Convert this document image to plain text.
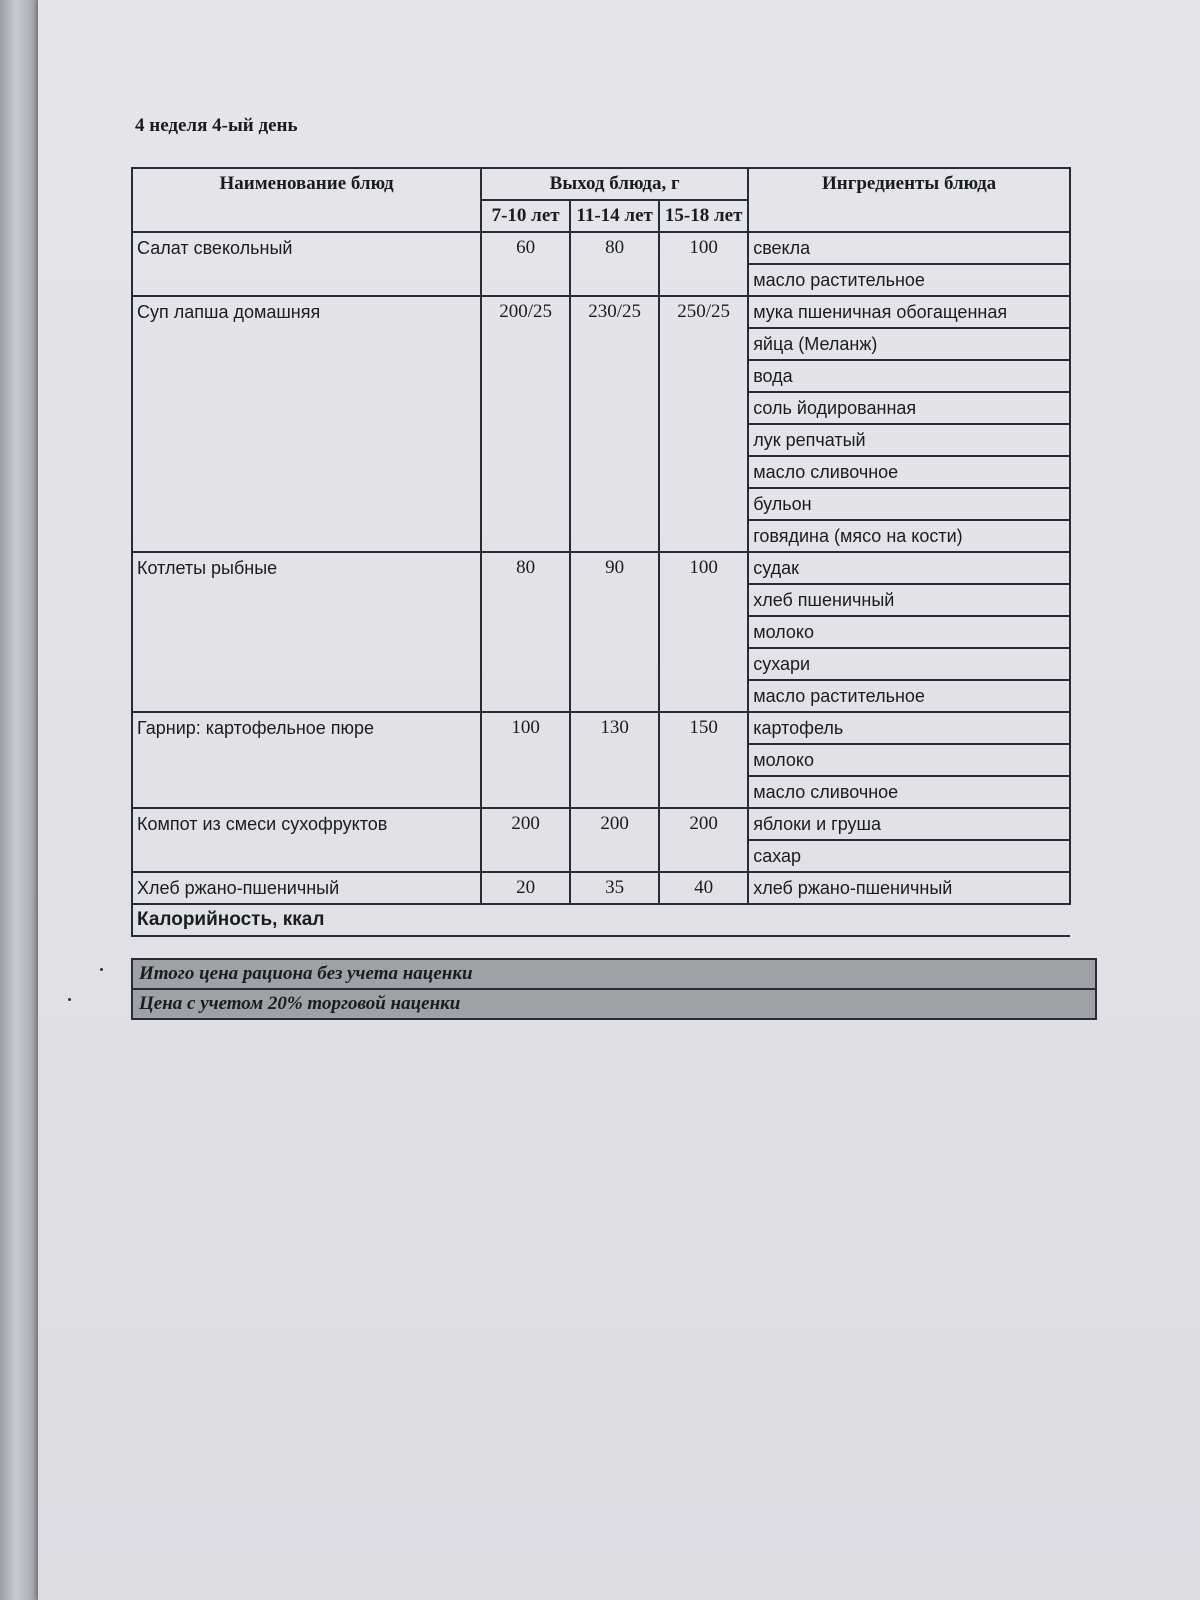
4 неделя 4-ый день
Наименование блюд	Выход блюда, г			Ингредиенты блюда
	7-10 лет	11-14 лет	15-18 лет	
Салат свекольный	60	80	100	свекла
				масло растительное
Суп лапша домашняя	200/25	230/25	250/25	мука пшеничная обогащенная
				яйца (Меланж)
				вода
				соль йодированная
				лук репчатый
				масло сливочное
				бульон
				говядина (мясо на кости)
Котлеты рыбные	80	90	100	судак
				хлеб пшеничный
				молоко
				сухари
				масло растительное
Гарнир: картофельное пюре	100	130	150	картофель
				молоко
				масло сливочное
Компот из смеси сухофруктов	200	200	200	яблоки и груша
				сахар
Хлеб ржано-пшеничный	20	35	40	хлеб ржано-пшеничный
Калорийность, ккал				
Итого цена рациона без учета наценки
Цена с учетом 20% торговой наценки
